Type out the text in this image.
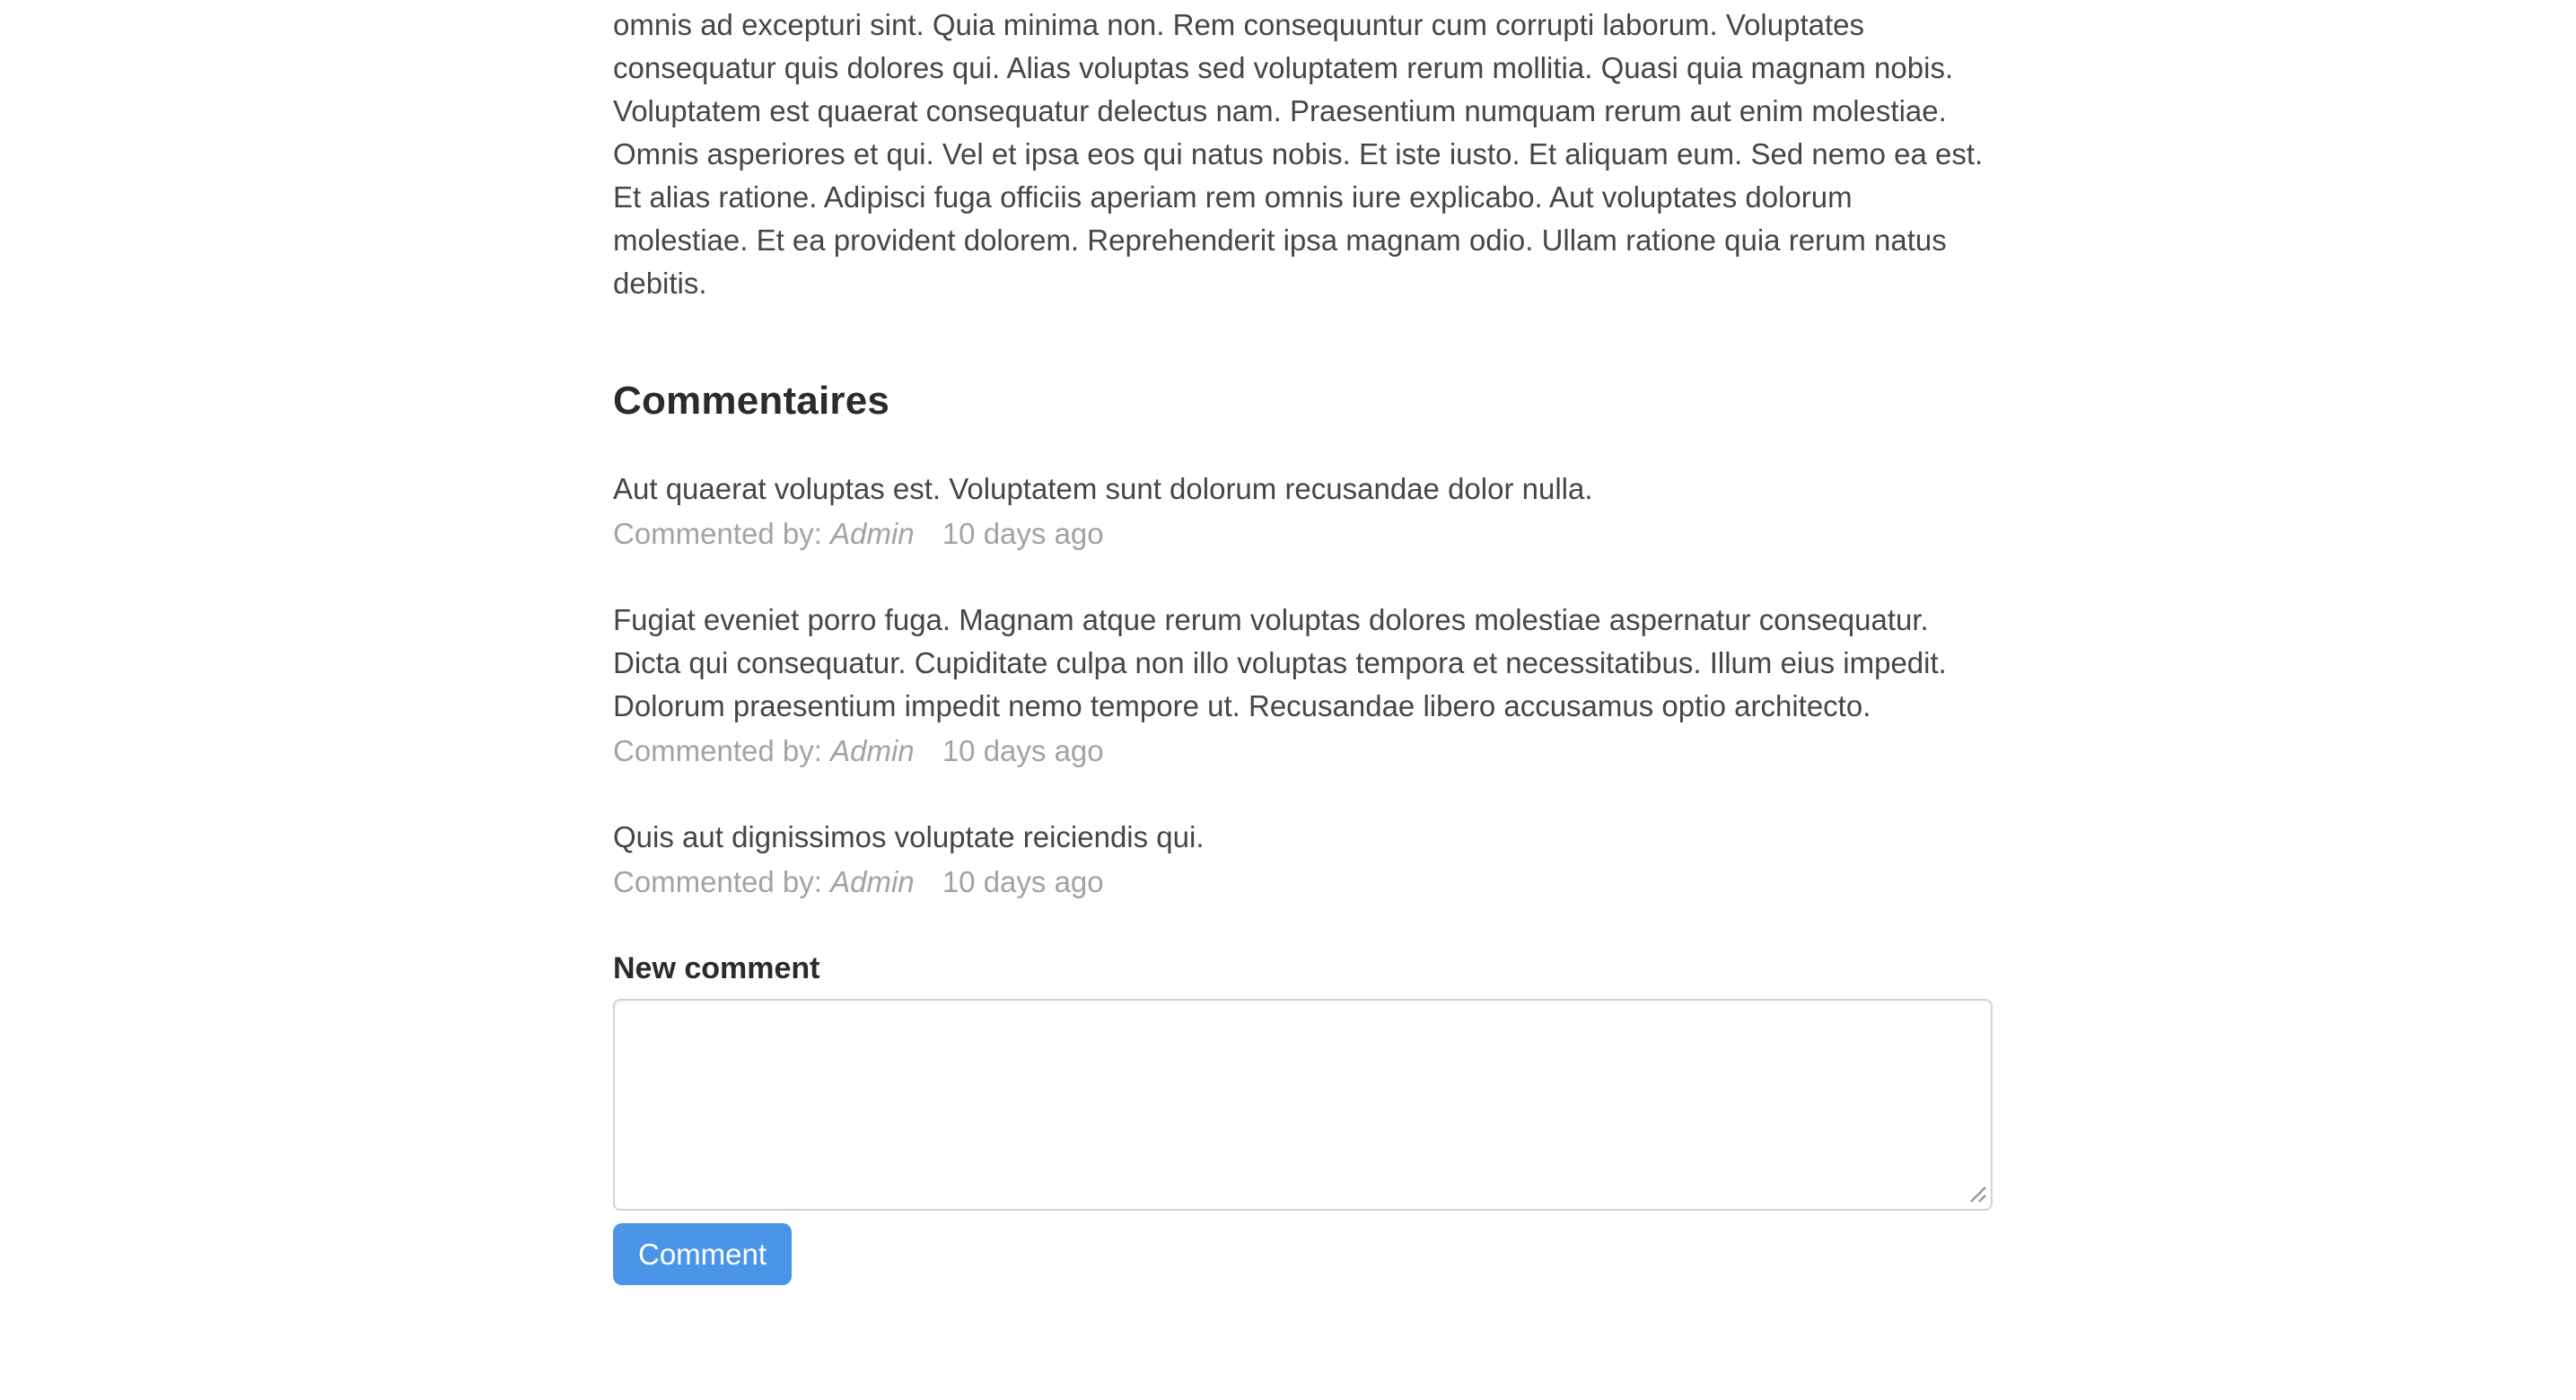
omnis ad excepturi sint. Quia minima non. Rem consequuntur cum corrupti laborum. Voluptates consequatur quis dolores qui. Alias voluptas sed voluptatem rerum mollitia. Quasi quia magnam nobis. Voluptatem est quaerat consequatur delectus nam. Praesentium numquam rerum aut enim molestiae. Omnis asperiores et qui. Vel et ipsa eos qui natus nobis. Et iste iusto. Et aliquam eum. Sed nemo ea est. Et alias ratione. Adipisci fuga officiis aperiam rem omnis iure explicabo. Aut voluptates dolorum molestiae. Et ea provident dolorem. Reprehenderit ipsa magnam odio. Ullam ratione quia rerum natus debitis.

Commentaires

Aut quaerat voluptas est. Voluptatem sunt dolorum recusandae dolor nulla.

Commented by: Admin 10 days ago

Fugiat eveniet porro fuga. Magnam atque rerum voluptas dolores molestiae aspernatur consequatur. Dicta qui consequatur. Cupiditate culpa non illo voluptas tempora et necessitatibus. Illum eius impedit. Dolorum praesentium impedit nemo tempore ut. Recusandae libero accusamus optio architecto.

Commented by: Admin 10 days ago

Quis aut dignissimos voluptate reiciendis qui.

Commented by: Admin 10 days ago

New comment
Comment
